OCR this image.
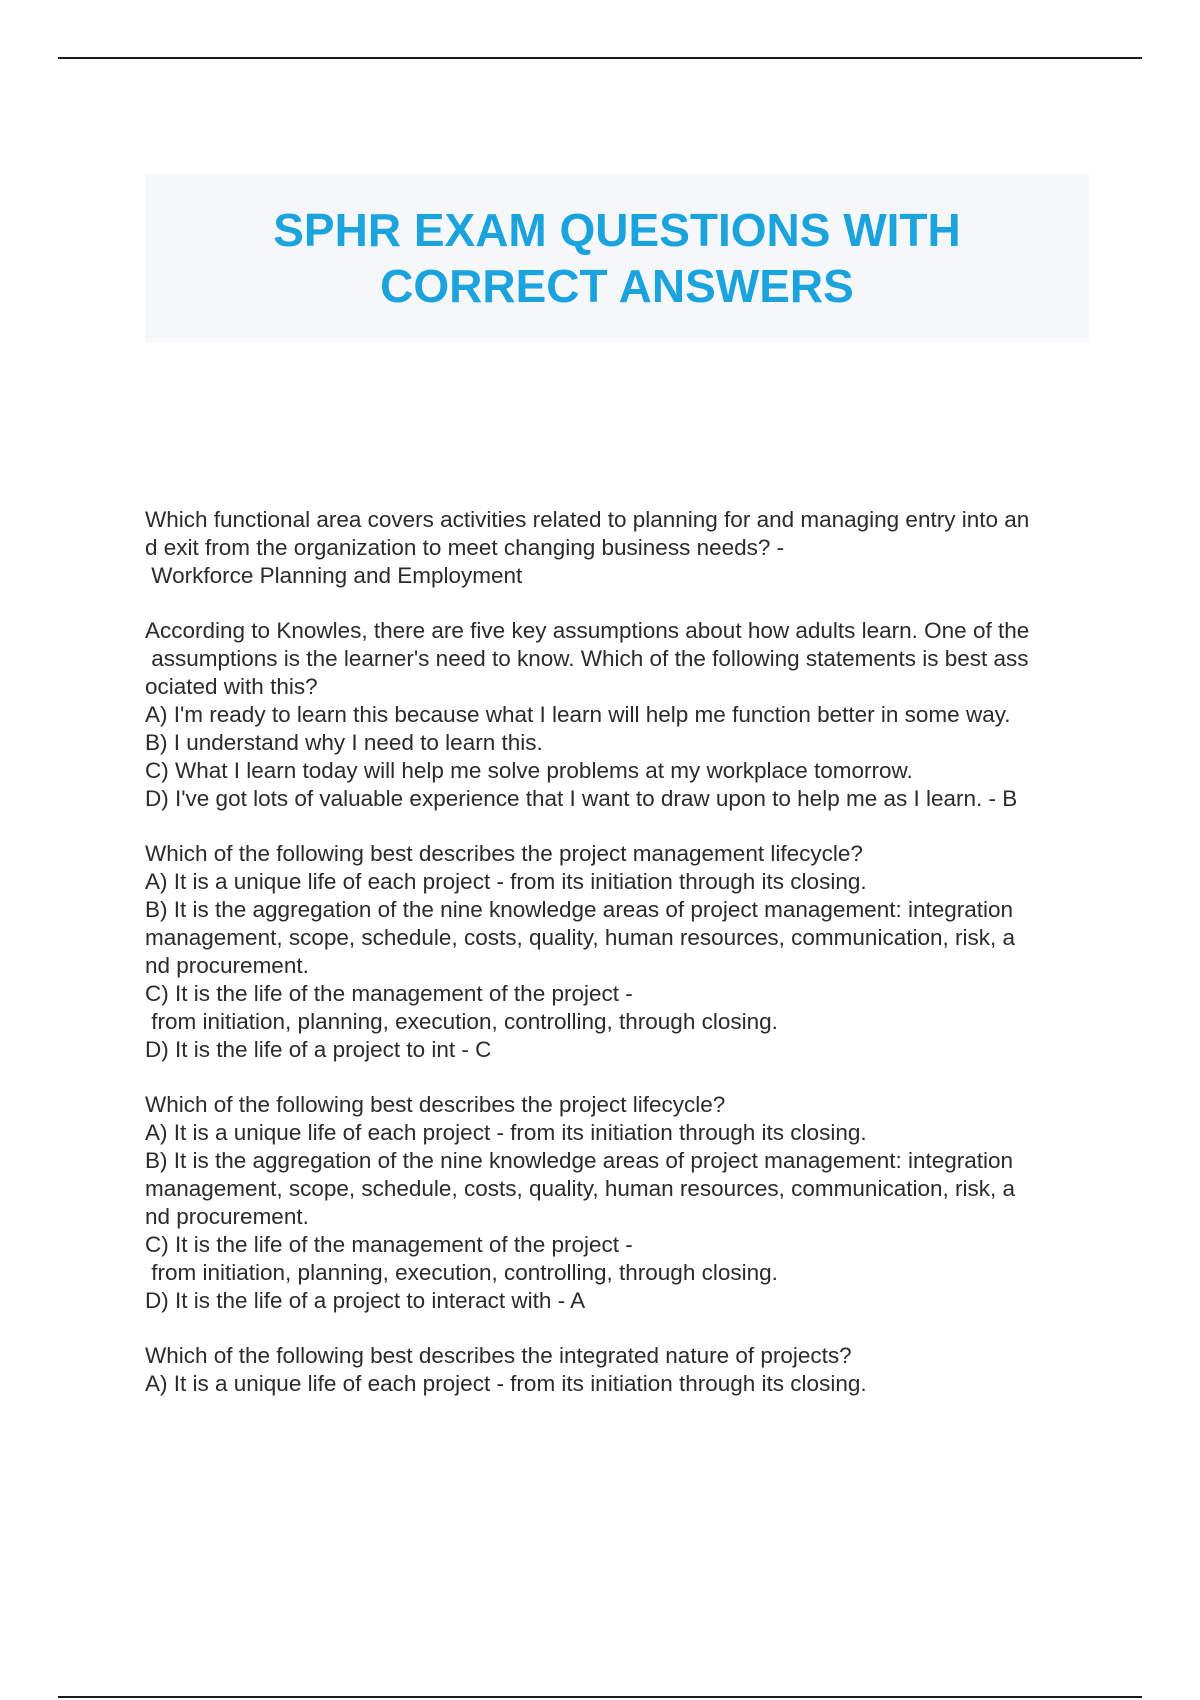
SPHR EXAM QUESTIONS WITH
CORRECT ANSWERS
Which functional area covers activities related to planning for and managing entry into an
d exit from the organization to meet changing business needs? -
Workforce Planning and Employment
According to Knowles, there are five key assumptions about how adults learn. One of the
assumptions is the learner's need to know. Which of the following statements is best ass
ociated with this?
A) I'm ready to learn this because what I learn will help me function better in some way.
B) I understand why I need to learn this.
C) What I learn today will help me solve problems at my workplace tomorrow.
D) I've got lots of valuable experience that I want to draw upon to help me as I learn. - B
Which of the following best describes the project management lifecycle?
A) It is a unique life of each project - from its initiation through its closing.
B) It is the aggregation of the nine knowledge areas of project management: integration
management, scope, schedule, costs, quality, human resources, communication, risk, a
nd procurement.
C) It is the life of the management of the project -
from initiation, planning, execution, controlling, through closing.
D) It is the life of a project to int - C
Which of the following best describes the project lifecycle?
A) It is a unique life of each project - from its initiation through its closing.
B) It is the aggregation of the nine knowledge areas of project management: integration
management, scope, schedule, costs, quality, human resources, communication, risk, a
nd procurement.
C) It is the life of the management of the project -
from initiation, planning, execution, controlling, through closing.
D) It is the life of a project to interact with - A
Which of the following best describes the integrated nature of projects?
A) It is a unique life of each project - from its initiation through its closing.
